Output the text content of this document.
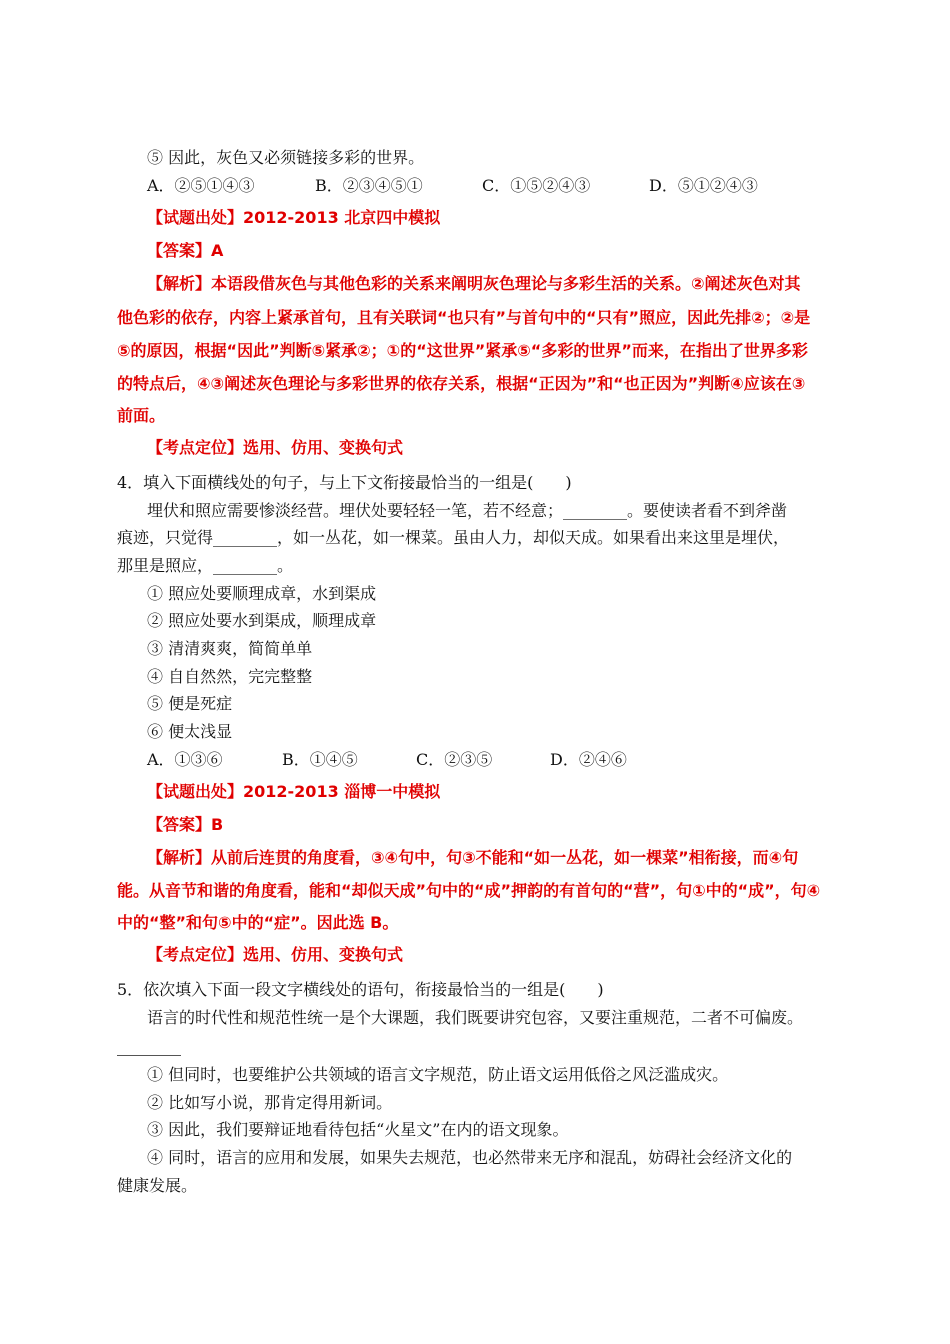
⑤ 因此，灰色又必须链接多彩的世界。
A．②⑤①④③	B．②③④⑤①	C．①⑤②④③	D．⑤①②④③
【试题出处】2012-2013 北京四中模拟
【答案】A
【解析】本语段借灰色与其他色彩的关系来阐明灰色理论与多彩生活的关系。②阐述灰色对其
他色彩的依存，内容上紧承首句，且有关联词“也只有”与首句中的“只有”照应，因此先排②；②是
⑤的原因，根据“因此”判断⑤紧承②；①的“这世界”紧承⑤“多彩的世界”而来，在指出了世界多彩
的特点后，④③阐述灰色理论与多彩世界的依存关系，根据“正因为”和“也正因为”判断④应该在③
前面。
【考点定位】选用、仿用、变换句式
4．填入下面横线处的句子，与上下文衔接最恰当的一组是(　　)
埋伏和照应需要惨淡经营。埋伏处要轻轻一笔，若不经意；________。要使读者看不到斧凿
痕迹，只觉得________，如一丛花，如一棵菜。虽由人力，却似天成。如果看出来这里是埋伏，
那里是照应，________。
① 照应处要顺理成章，水到渠成
② 照应处要水到渠成，顺理成章
③ 清清爽爽，简简单单
④ 自自然然，完完整整
⑤ 便是死症
⑥ 便太浅显
A．①③⑥	B．①④⑤	C．②③⑤	D．②④⑥
【试题出处】2012-2013 淄博一中模拟
【答案】B
【解析】从前后连贯的角度看，③④句中，句③不能和“如一丛花，如一棵菜”相衔接，而④句
能。从音节和谐的角度看，能和“却似天成”句中的“成”押韵的有首句的“营”，句①中的“成”，句④
中的“整”和句⑤中的“症”。因此选 B。
【考点定位】选用、仿用、变换句式
5．依次填入下面一段文字横线处的语句，衔接最恰当的一组是(　　)
语言的时代性和规范性统一是个大课题，我们既要讲究包容，又要注重规范，二者不可偏废。
① 但同时，也要维护公共领域的语言文字规范，防止语文运用低俗之风泛滥成灾。
② 比如写小说，那肯定得用新词。
③ 因此，我们要辩证地看待包括“火星文”在内的语文现象。
④ 同时，语言的应用和发展，如果失去规范，也必然带来无序和混乱，妨碍社会经济文化的
健康发展。
